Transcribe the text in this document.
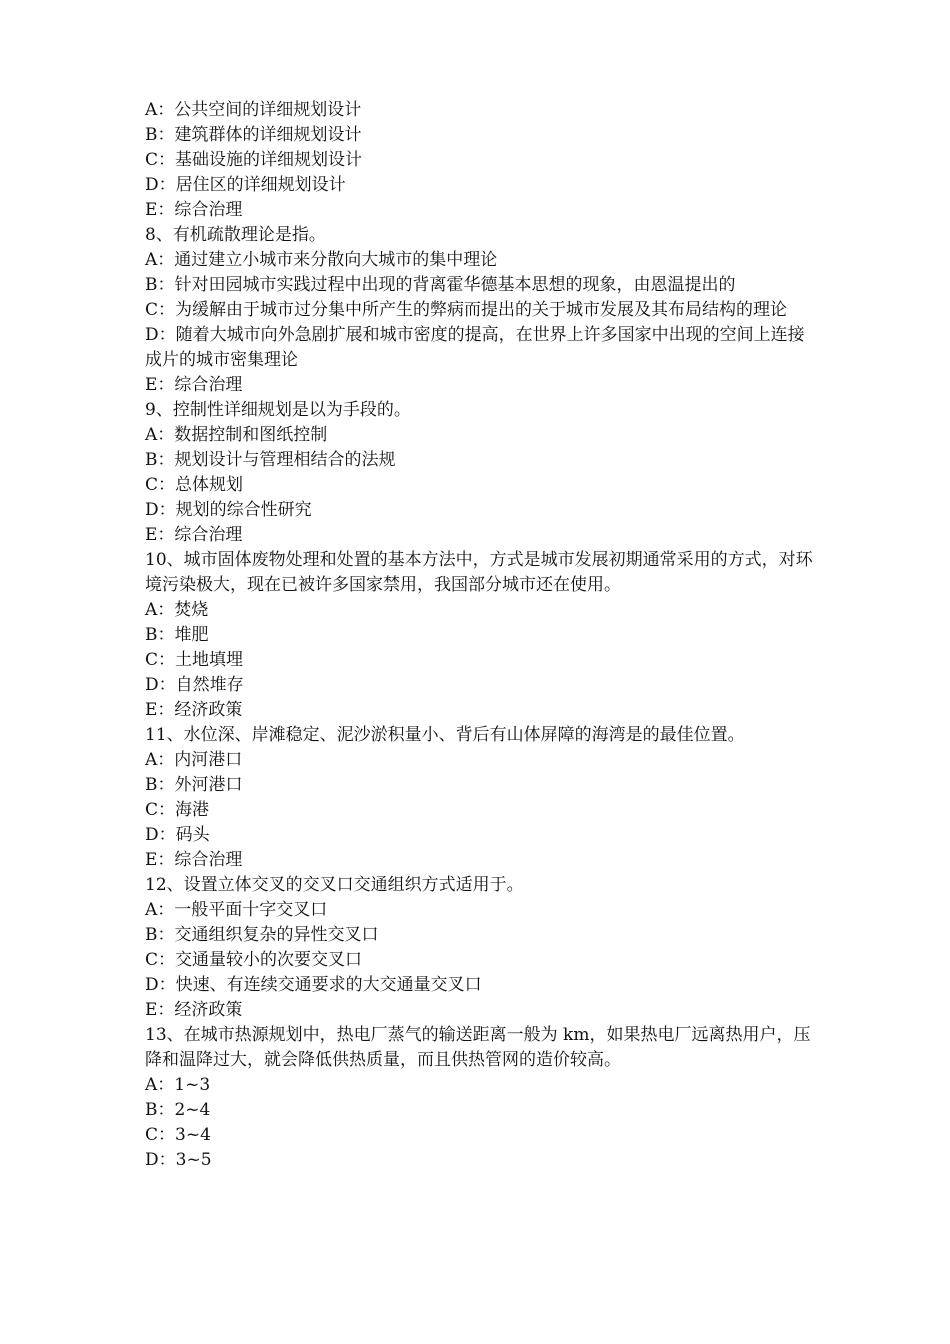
A：公共空间的详细规划设计

B：建筑群体的详细规划设计

C：基础设施的详细规划设计

D：居住区的详细规划设计

E：综合治理

8、有机疏散理论是指。

A：通过建立小城市来分散向大城市的集中理论

B：针对田园城市实践过程中出现的背离霍华德基本思想的现象，由恩温提出的

C：为缓解由于城市过分集中所产生的弊病而提出的关于城市发展及其布局结构的理论

D：随着大城市向外急剧扩展和城市密度的提高，在世界上许多国家中出现的空间上连接成片的城市密集理论

E：综合治理

9、控制性详细规划是以为手段的。

A：数据控制和图纸控制

B：规划设计与管理相结合的法规

C：总体规划

D：规划的综合性研究

E：综合治理

10、城市固体废物处理和处置的基本方法中，方式是城市发展初期通常采用的方式，对环境污染极大，现在已被许多国家禁用，我国部分城市还在使用。

A：焚烧

B：堆肥

C：土地填埋

D：自然堆存

E：经济政策

11、水位深、岸滩稳定、泥沙淤积量小、背后有山体屏障的海湾是的最佳位置。

A：内河港口

B：外河港口

C：海港

D：码头

E：综合治理

12、设置立体交叉的交叉口交通组织方式适用于。

A：一般平面十字交叉口

B：交通组织复杂的异性交叉口

C：交通量较小的次要交叉口

D：快速、有连续交通要求的大交通量交叉口

E：经济政策

13、在城市热源规划中，热电厂蒸气的输送距离一般为 km，如果热电厂远离热用户，压降和温降过大，就会降低供热质量，而且供热管网的造价较高。

A：1~3

B：2~4

C：3~4

D：3~5
